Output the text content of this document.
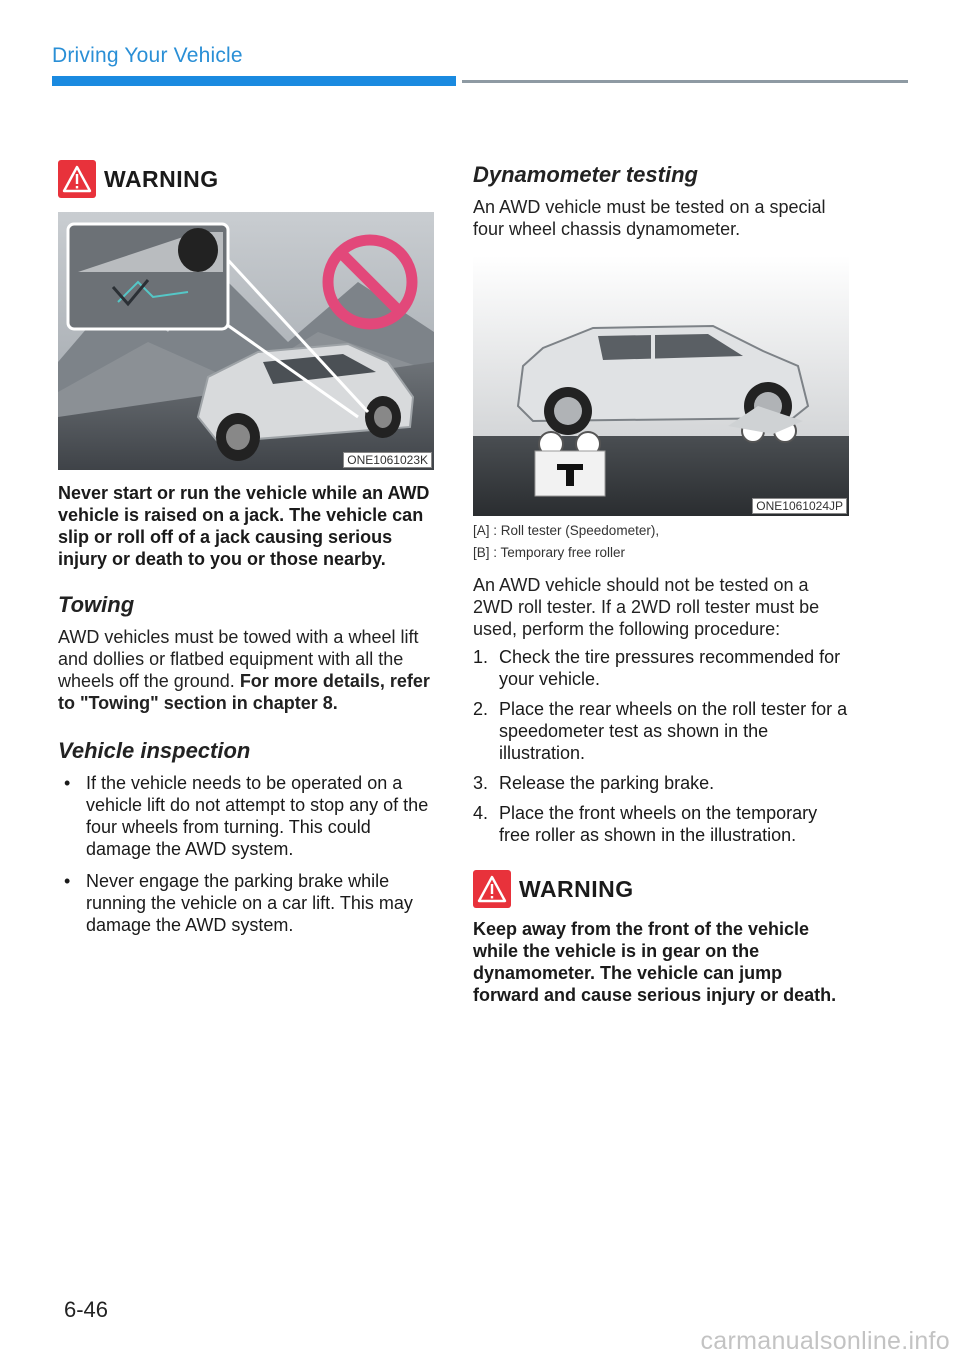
Driving Your Vehicle
WARNING
ONE1061023K

Never start or run the vehicle while an AWD vehicle is raised on a jack. The vehicle can slip or roll off of a jack causing serious injury or death to you or those nearby.

Towing

AWD vehicles must be towed with a wheel lift and dollies or flatbed equipment with all the wheels off the ground. For more details, refer to "Towing" section in chapter 8.

Vehicle inspection
• If the vehicle needs to be operated on a vehicle lift do not attempt to stop any of the four wheels from turning. This could damage the AWD system.
• Never engage the parking brake while running the vehicle on a car lift. This may damage the AWD system.
Dynamometer testing

An AWD vehicle must be tested on a special four wheel chassis dynamometer.

ONE1061024JP

[A] : Roll tester (Speedometer),

[B] : Temporary free roller

An AWD vehicle should not be tested on a 2WD roll tester. If a 2WD roll tester must be used, perform the following procedure:

1. Check the tire pressures recommended for your vehicle.
2. Place the rear wheels on the roll tester for a speedometer test as shown in the illustration.
3. Release the parking brake.
4. Place the front wheels on the temporary free roller as shown in the illustration.
WARNING

Keep away from the front of the vehicle while the vehicle is in gear on the dynamometer. The vehicle can jump forward and cause serious injury or death.

6-46
carmanualsonline.info
